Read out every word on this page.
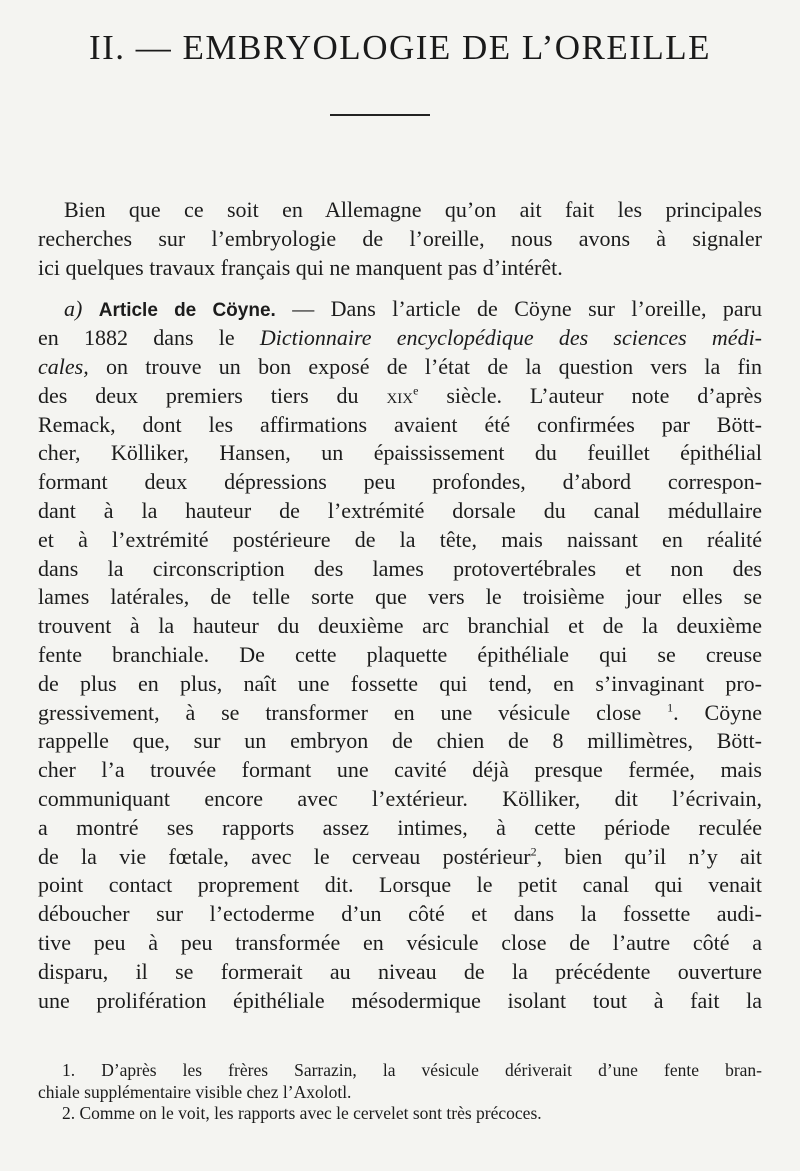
II. — EMBRYOLOGIE DE L’OREILLE
Bien que ce soit en Allemagne qu’on ait fait les principales
recherches sur l’embryologie de l’oreille, nous avons à signaler
ici quelques travaux français qui ne manquent pas d’intérêt.
a) Article de Cöyne. — Dans l’article de Cöyne sur l’oreille, paru
en 1882 dans le Dictionnaire encyclopédique des sciences médi-
cales, on trouve un bon exposé de l’état de la question vers la fin
des deux premiers tiers du xix$^e$ siècle. L’auteur note d’après
Remack, dont les affirmations avaient été confirmées par Bött-
cher, Kölliker, Hansen, un épaississement du feuillet épithélial
formant deux dépressions peu profondes, d’abord correspon-
dant à la hauteur de l’extrémité dorsale du canal médullaire
et à l’extrémité postérieure de la tête, mais naissant en réalité
dans la circonscription des lames protovertébrales et non des
lames latérales, de telle sorte que vers le troisième jour elles se
trouvent à la hauteur du deuxième arc branchial et de la deuxième
fente branchiale. De cette plaquette épithéliale qui se creuse
de plus en plus, naît une fossette qui tend, en s’invaginant pro-
gressivement, à se transformer en une vésicule close $^1$. Cöyne
rappelle que, sur un embryon de chien de 8 millimètres, Bött-
cher l’a trouvée formant une cavité déjà presque fermée, mais
communiquant encore avec l’extérieur. Kölliker, dit l’écrivain,
a montré ses rapports assez intimes, à cette période reculée
de la vie fœtale, avec le cerveau postérieur$^2$, bien qu’il n’y ait
point contact proprement dit. Lorsque le petit canal qui venait
déboucher sur l’ectoderme d’un côté et dans la fossette audi-
tive peu à peu transformée en vésicule close de l’autre côté a
disparu, il se formerait au niveau de la précédente ouverture
une prolifération épithéliale mésodermique isolant tout à fait la
1. D’après les frères Sarrazin, la vésicule dériverait d’une fente bran-
chiale supplémentaire visible chez l’Axolotl.
2. Comme on le voit, les rapports avec le cervelet sont très précoces.
